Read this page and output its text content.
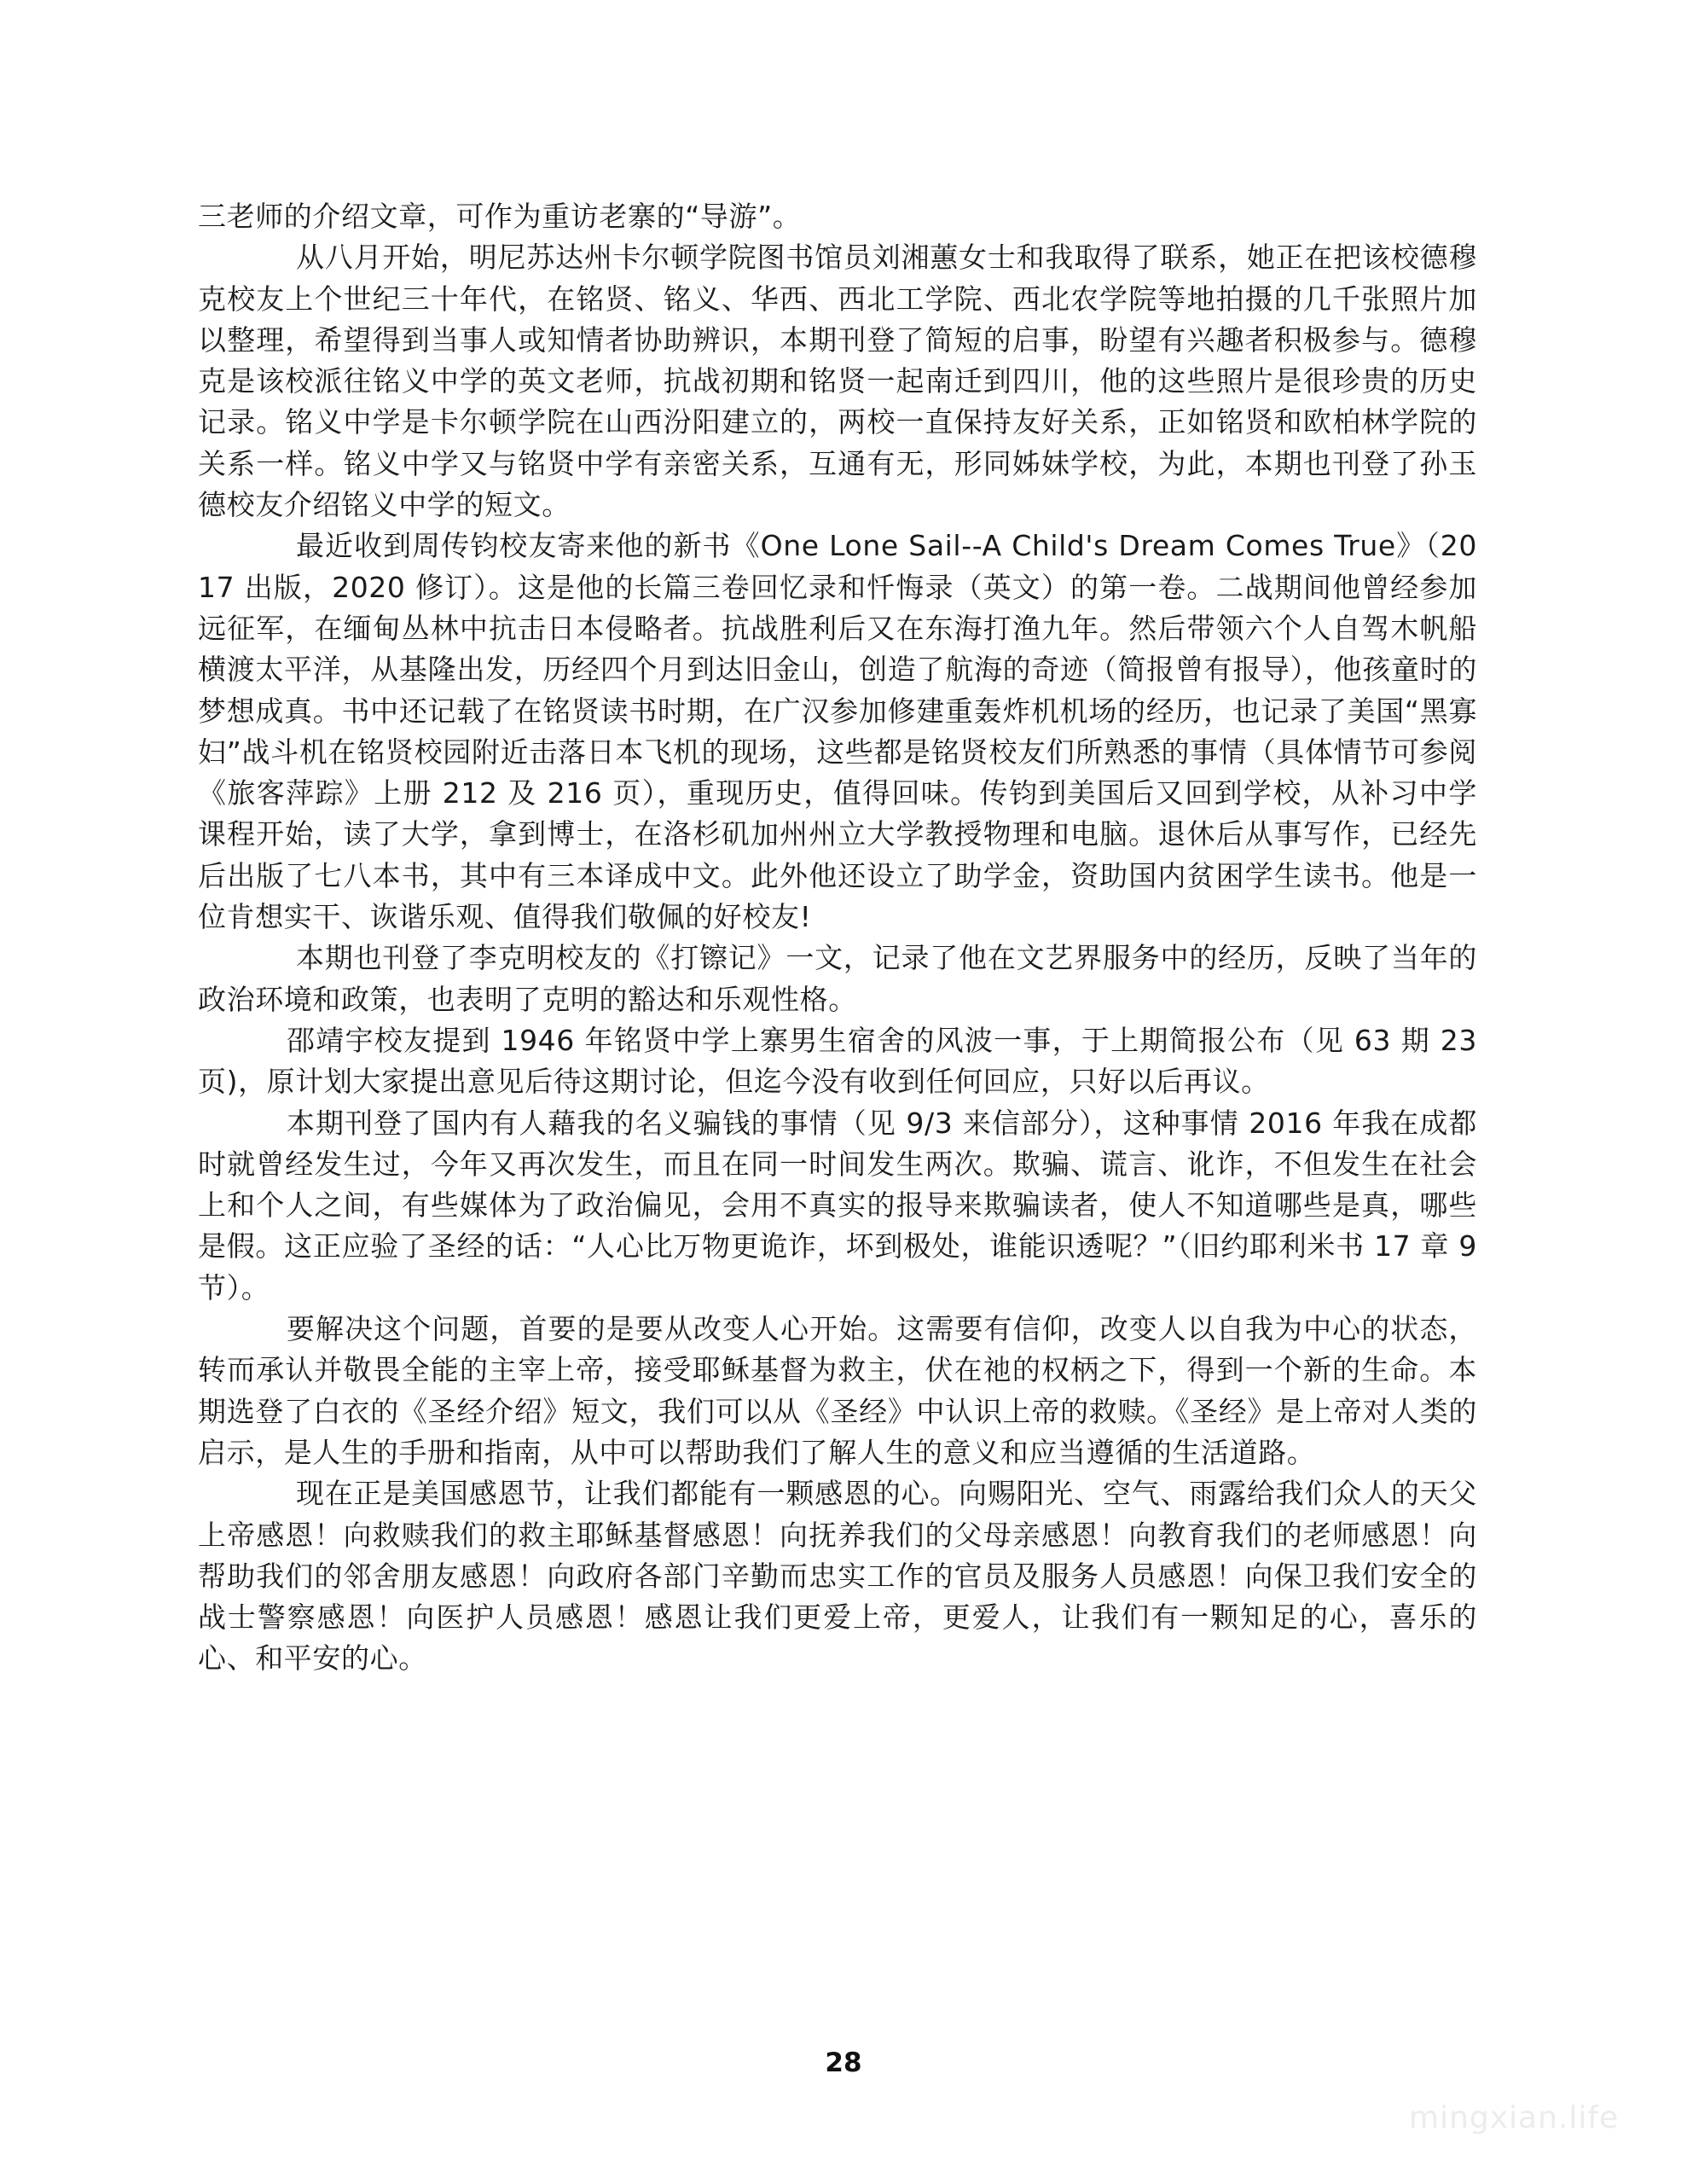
三老师的介绍文章，可作为重访老寨的“导游”。

从八月开始，明尼苏达州卡尔顿学院图书馆员刘湘蕙女士和我取得了联系，她正在把该校德穆克校友上个世纪三十年代，在铭贤、铭义、华西、西北工学院、西北农学院等地拍摄的几千张照片加以整理，希望得到当事人或知情者协助辨识，本期刊登了简短的启事，盼望有兴趣者积极参与。德穆克是该校派往铭义中学的英文老师，抗战初期和铭贤一起南迁到四川，他的这些照片是很珍贵的历史记录。铭义中学是卡尔顿学院在山西汾阳建立的，两校一直保持友好关系，正如铭贤和欧柏林学院的关系一样。铭义中学又与铭贤中学有亲密关系，互通有无，形同姊妹学校，为此，本期也刊登了孙玉德校友介绍铭义中学的短文。

最近收到周传钧校友寄来他的新书《One Lone Sail--A Child's Dream Comes True》（2017 出版，2020 修订）。这是他的长篇三卷回忆录和忏悔录（英文）的第一卷。二战期间他曾经参加远征军，在缅甸丛林中抗击日本侵略者。抗战胜利后又在东海打渔九年。然后带领六个人自驾木帆船横渡太平洋，从基隆出发，历经四个月到达旧金山，创造了航海的奇迹（简报曾有报导），他孩童时的梦想成真。书中还记载了在铭贤读书时期，在广汉参加修建重轰炸机机场的经历，也记录了美国“黑寡妇”战斗机在铭贤校园附近击落日本飞机的现场，这些都是铭贤校友们所熟悉的事情（具体情节可参阅《旅客萍踪》上册 212 及 216 页），重现历史，值得回味。传钧到美国后又回到学校，从补习中学课程开始，读了大学，拿到博士，在洛杉矶加州州立大学教授物理和电脑。退休后从事写作，已经先后出版了七八本书，其中有三本译成中文。此外他还设立了助学金，资助国内贫困学生读书。他是一位肯想实干、诙谐乐观、值得我们敬佩的好校友!

本期也刊登了李克明校友的《打镲记》一文，记录了他在文艺界服务中的经历，反映了当年的政治环境和政策，也表明了克明的豁达和乐观性格。

邵靖宇校友提到 1946 年铭贤中学上寨男生宿舍的风波一事，于上期简报公布（见 63 期 23 页)，原计划大家提出意见后待这期讨论，但迄今没有收到任何回应，只好以后再议。

本期刊登了国内有人藉我的名义骗钱的事情（见 9/3 来信部分），这种事情 2016 年我在成都时就曾经发生过，今年又再次发生，而且在同一时间发生两次。欺骗、谎言、讹诈，不但发生在社会上和个人之间，有些媒体为了政治偏见，会用不真实的报导来欺骗读者，使人不知道哪些是真，哪些是假。这正应验了圣经的话：“人心比万物更诡诈，坏到极处，谁能识透呢？”（旧约耶利米书 17 章 9 节）。

要解决这个问题，首要的是要从改变人心开始。这需要有信仰，改变人以自我为中心的状态，转而承认并敬畏全能的主宰上帝，接受耶稣基督为救主，伏在祂的权柄之下，得到一个新的生命。本期选登了白衣的《圣经介绍》短文，我们可以从《圣经》中认识上帝的救赎。《圣经》是上帝对人类的启示，是人生的手册和指南，从中可以帮助我们了解人生的意义和应当遵循的生活道路。

现在正是美国感恩节，让我们都能有一颗感恩的心。向赐阳光、空气、雨露给我们众人的天父上帝感恩！向救赎我们的救主耶稣基督感恩！向抚养我们的父母亲感恩！向教育我们的老师感恩！向帮助我们的邻舍朋友感恩！向政府各部门辛勤而忠实工作的官员及服务人员感恩！向保卫我们安全的战士警察感恩！向医护人员感恩！感恩让我们更爱上帝，更爱人，让我们有一颗知足的心，喜乐的心、和平安的心。

28
mingxian.life
